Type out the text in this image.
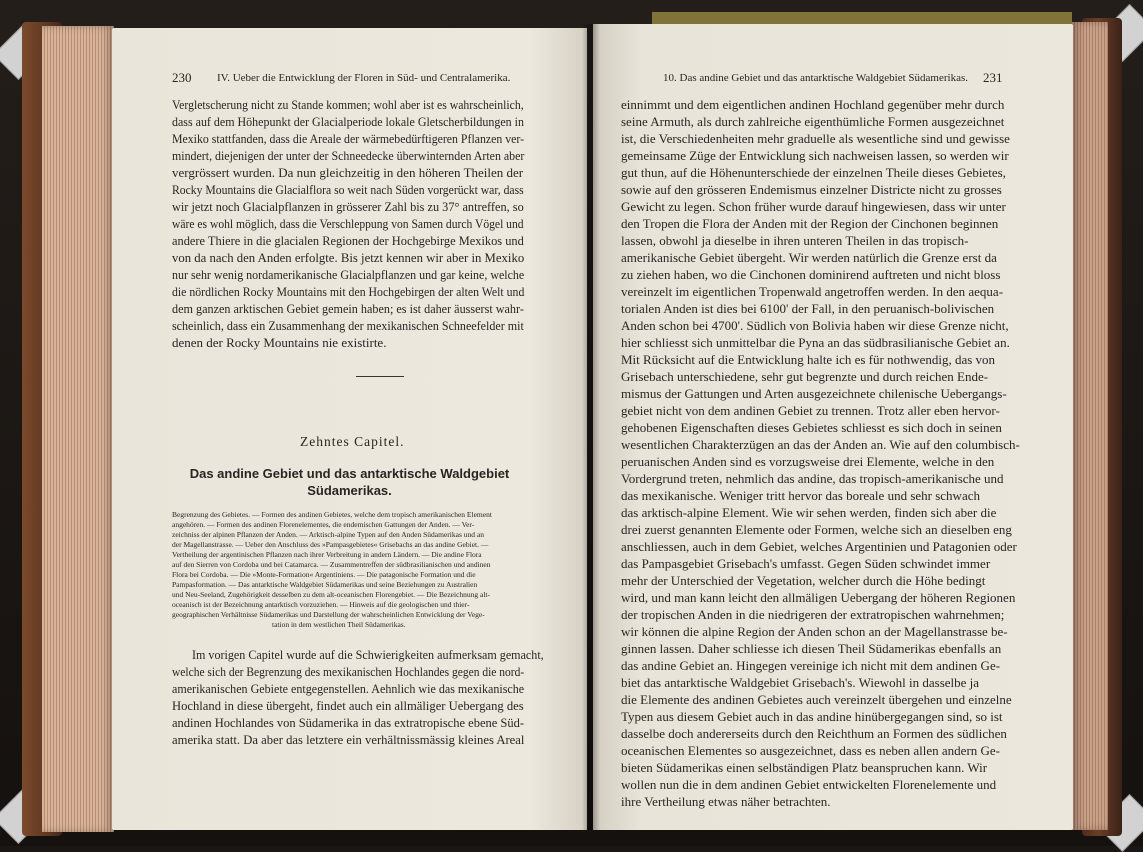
230 IV. Ueber die Entwicklung der Floren in Süd- und Centralamerika.
Vergletscherung nicht zu Stande kommen; wohl aber ist es wahrscheinlich,
dass auf dem Höhepunkt der Glacialperiode lokale Gletscherbildungen in
Mexiko stattfanden, dass die Areale der wärmebedürftigeren Pflanzen ver-
mindert, diejenigen der unter der Schneedecke überwinternden Arten aber
vergrössert wurden. Da nun gleichzeitig in den höheren Theilen der
Rocky Mountains die Glacialflora so weit nach Süden vorgerückt war, dass
wir jetzt noch Glacialpflanzen in grösserer Zahl bis zu 37° antreffen, so
wäre es wohl möglich, dass die Verschleppung von Samen durch Vögel und
andere Thiere in die glacialen Regionen der Hochgebirge Mexikos und
von da nach den Anden erfolgte. Bis jetzt kennen wir aber in Mexiko
nur sehr wenig nordamerikanische Glacialpflanzen und gar keine, welche
die nördlichen Rocky Mountains mit den Hochgebirgen der alten Welt und
dem ganzen arktischen Gebiet gemein haben; es ist daher äusserst wahr-
scheinlich, dass ein Zusammenhang der mexikanischen Schneefelder mit
denen der Rocky Mountains nie existirte.
Zehntes Capitel.
Das andine Gebiet und das antarktische Waldgebiet
Südamerikas.
Begrenzung des Gebietes. — Formen des andinen Gebietes, welche dem tropisch amerikanischen Element
angehören. — Formen des andinen Florenelementes, die endemischen Gattungen der Anden. — Ver-
zeichniss der alpinen Pflanzen der Anden. — Arktisch-alpine Typen auf den Anden Südamerikas und an
der Magellanstrasse. — Ueber den Anschluss des »Pampasgebietes« Grisebachs an das andine Gebiet. —
Vertheilung der argentinischen Pflanzen nach ihrer Verbreitung in andern Ländern. — Die andine Flora
auf den Sierren von Cordoba und bei Catamarca. — Zusammentreffen der südbrasilianischen und andinen
Flora bei Cordoba. — Die »Monte-Formation« Argentiniens. — Die patagonische Formation und die
Pampasformation. — Das antarktische Waldgebiet Südamerikas und seine Beziehungen zu Australien
und Neu-Seeland, Zugehörigkeit desselben zu dem alt-oceanischen Florengebiet. — Die Bezeichnung alt-
oceanisch ist der Bezeichnung antarktisch vorzuziehen. — Hinweis auf die geologischen und thier-
geographischen Verhältnisse Südamerikas und Darstellung der wahrscheinlichen Entwicklung der Vege-
tation in dem westlichen Theil Südamerikas.
Im vorigen Capitel wurde auf die Schwierigkeiten aufmerksam gemacht,
welche sich der Begrenzung des mexikanischen Hochlandes gegen die nord-
amerikanischen Gebiete entgegenstellen. Aehnlich wie das mexikanische
Hochland in diese übergeht, findet auch ein allmäliger Uebergang des
andinen Hochlandes von Südamerika in das extratropische ebene Süd-
amerika statt. Da aber das letztere ein verhältnissmässig kleines Areal
10. Das andine Gebiet und das antarktische Waldgebiet Südamerikas. 231
einnimmt und dem eigentlichen andinen Hochland gegenüber mehr durch
seine Armuth, als durch zahlreiche eigenthümliche Formen ausgezeichnet
ist, die Verschiedenheiten mehr graduelle als wesentliche sind und gewisse
gemeinsame Züge der Entwicklung sich nachweisen lassen, so werden wir
gut thun, auf die Höhenunterschiede der einzelnen Theile dieses Gebietes,
sowie auf den grösseren Endemismus einzelner Districte nicht zu grosses
Gewicht zu legen. Schon früher wurde darauf hingewiesen, dass wir unter
den Tropen die Flora der Anden mit der Region der Cinchonen beginnen
lassen, obwohl ja dieselbe in ihren unteren Theilen in das tropisch-
amerikanische Gebiet übergeht. Wir werden natürlich die Grenze erst da
zu ziehen haben, wo die Cinchonen dominirend auftreten und nicht bloss
vereinzelt im eigentlichen Tropenwald angetroffen werden. In den aequa-
torialen Anden ist dies bei 6100' der Fall, in den peruanisch-bolivischen
Anden schon bei 4700'. Südlich von Bolivia haben wir diese Grenze nicht,
hier schliesst sich unmittelbar die Pyna an das südbrasilianische Gebiet an.
Mit Rücksicht auf die Entwicklung halte ich es für nothwendig, das von
Grisebach unterschiedene, sehr gut begrenzte und durch reichen Ende-
mismus der Gattungen und Arten ausgezeichnete chilenische Uebergangs-
gebiet nicht von dem andinen Gebiet zu trennen. Trotz aller eben hervor-
gehobenen Eigenschaften dieses Gebietes schliesst es sich doch in seinen
wesentlichen Charakterzügen an das der Anden an. Wie auf den columbisch-
peruanischen Anden sind es vorzugsweise drei Elemente, welche in den
Vordergrund treten, nehmlich das andine, das tropisch-amerikanische und
das mexikanische. Weniger tritt hervor das boreale und sehr schwach
das arktisch-alpine Element. Wie wir sehen werden, finden sich aber die
drei zuerst genannten Elemente oder Formen, welche sich an dieselben eng
anschliessen, auch in dem Gebiet, welches Argentinien und Patagonien oder
das Pampasgebiet Grisebach's umfasst. Gegen Süden schwindet immer
mehr der Unterschied der Vegetation, welcher durch die Höhe bedingt
wird, und man kann leicht den allmäligen Uebergang der höheren Regionen
der tropischen Anden in die niedrigeren der extratropischen wahrnehmen;
wir können die alpine Region der Anden schon an der Magellanstrasse be-
ginnen lassen. Daher schliesse ich diesen Theil Südamerikas ebenfalls an
das andine Gebiet an. Hingegen vereinige ich nicht mit dem andinen Ge-
biet das antarktische Waldgebiet Grisebach's. Wiewohl in dasselbe ja
die Elemente des andinen Gebietes auch vereinzelt übergehen und einzelne
Typen aus diesem Gebiet auch in das andine hinübergegangen sind, so ist
dasselbe doch andererseits durch den Reichthum an Formen des südlichen
oceanischen Elementes so ausgezeichnet, dass es neben allen andern Ge-
bieten Südamerikas einen selbständigen Platz beanspruchen kann. Wir
wollen nun die in dem andinen Gebiet entwickelten Florenelemente und
ihre Vertheilung etwas näher betrachten.
